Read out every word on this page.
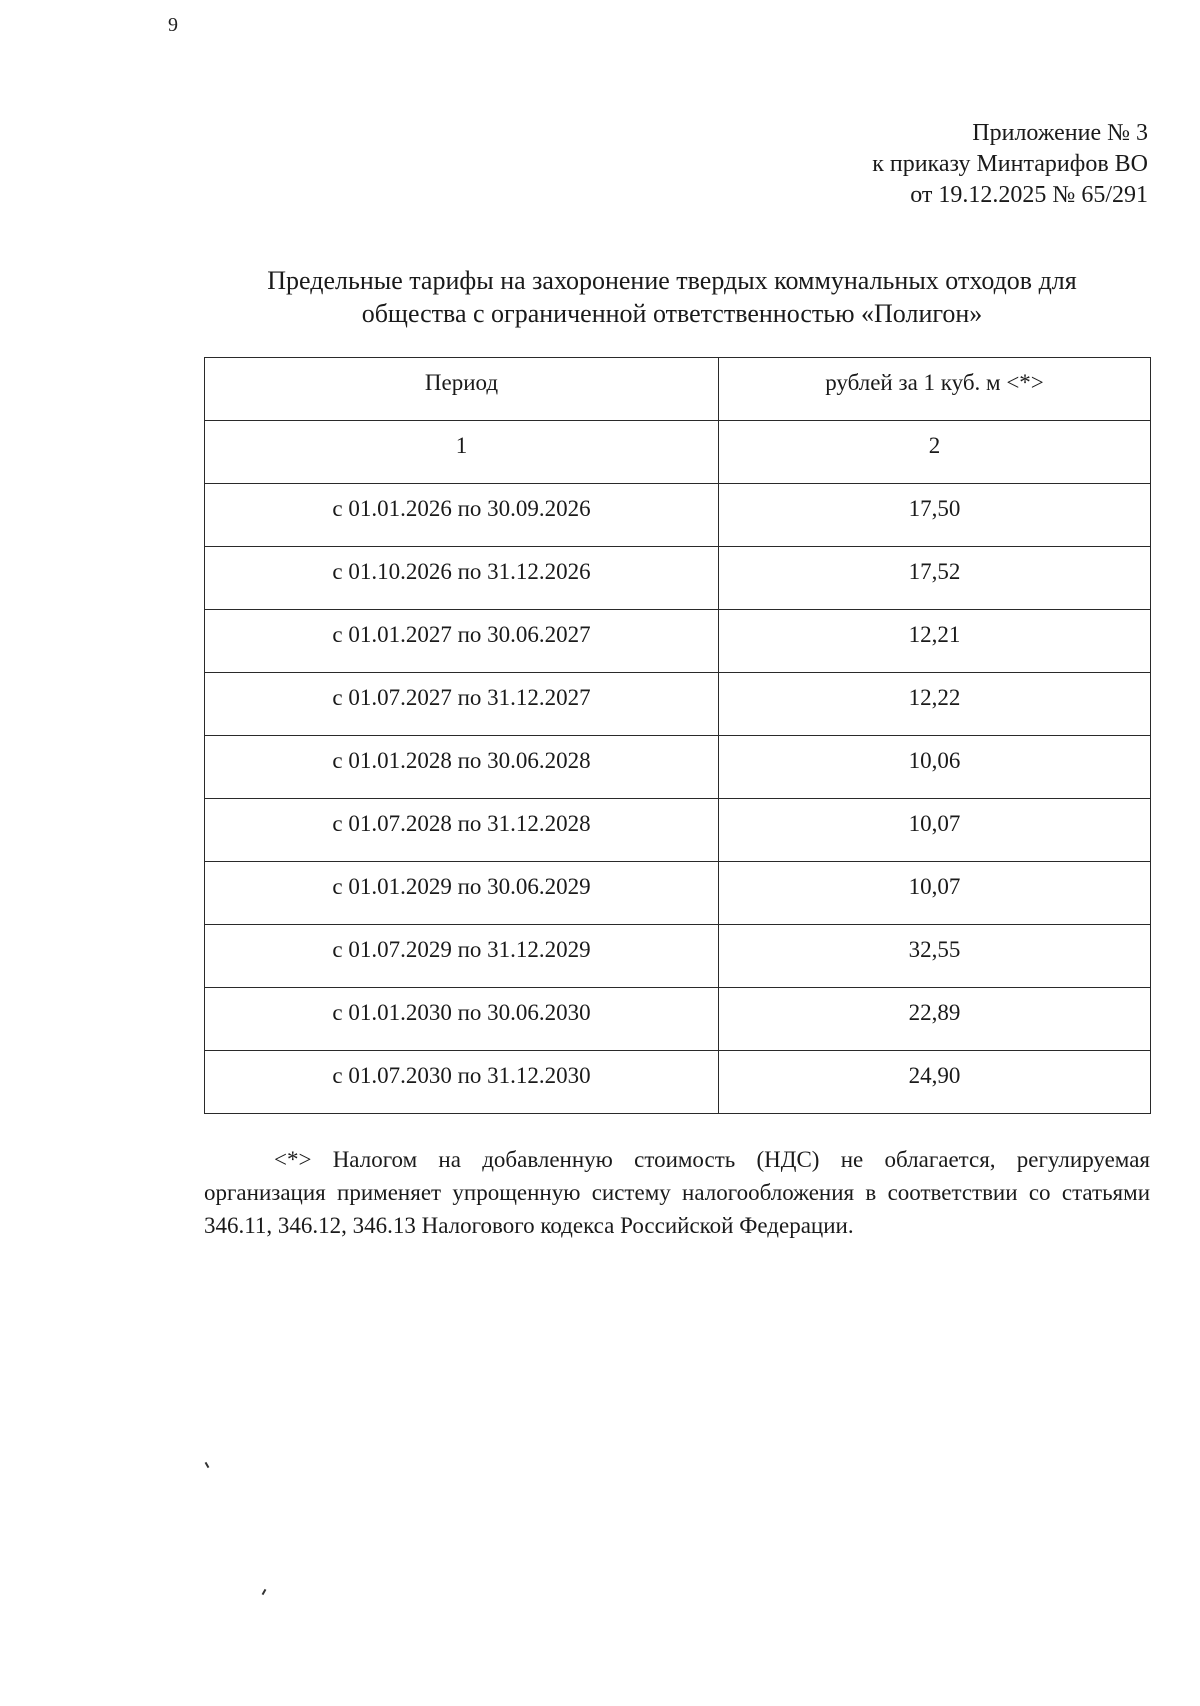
9
Приложение № 3
к приказу Минтарифов ВО
от 19.12.2025 № 65/291
Предельные тарифы на захоронение твердых коммунальных отходов для
общества с ограниченной ответственностью «Полигон»
Период	рублей за 1 куб. м <*>
1	2
с 01.01.2026 по 30.09.2026	17,50
с 01.10.2026 по 31.12.2026	17,52
с 01.01.2027 по 30.06.2027	12,21
с 01.07.2027 по 31.12.2027	12,22
с 01.01.2028 по 30.06.2028	10,06
с 01.07.2028 по 31.12.2028	10,07
с 01.01.2029 по 30.06.2029	10,07
с 01.07.2029 по 31.12.2029	32,55
с 01.01.2030 по 30.06.2030	22,89
с 01.07.2030 по 31.12.2030	24,90

<*> Налогом на добавленную стоимость (НДС) не облагается, регулируемая организация применяет упрощенную систему налогообложения в соответствии со статьями 346.11, 346.12, 346.13 Налогового кодекса Российской Федерации.
